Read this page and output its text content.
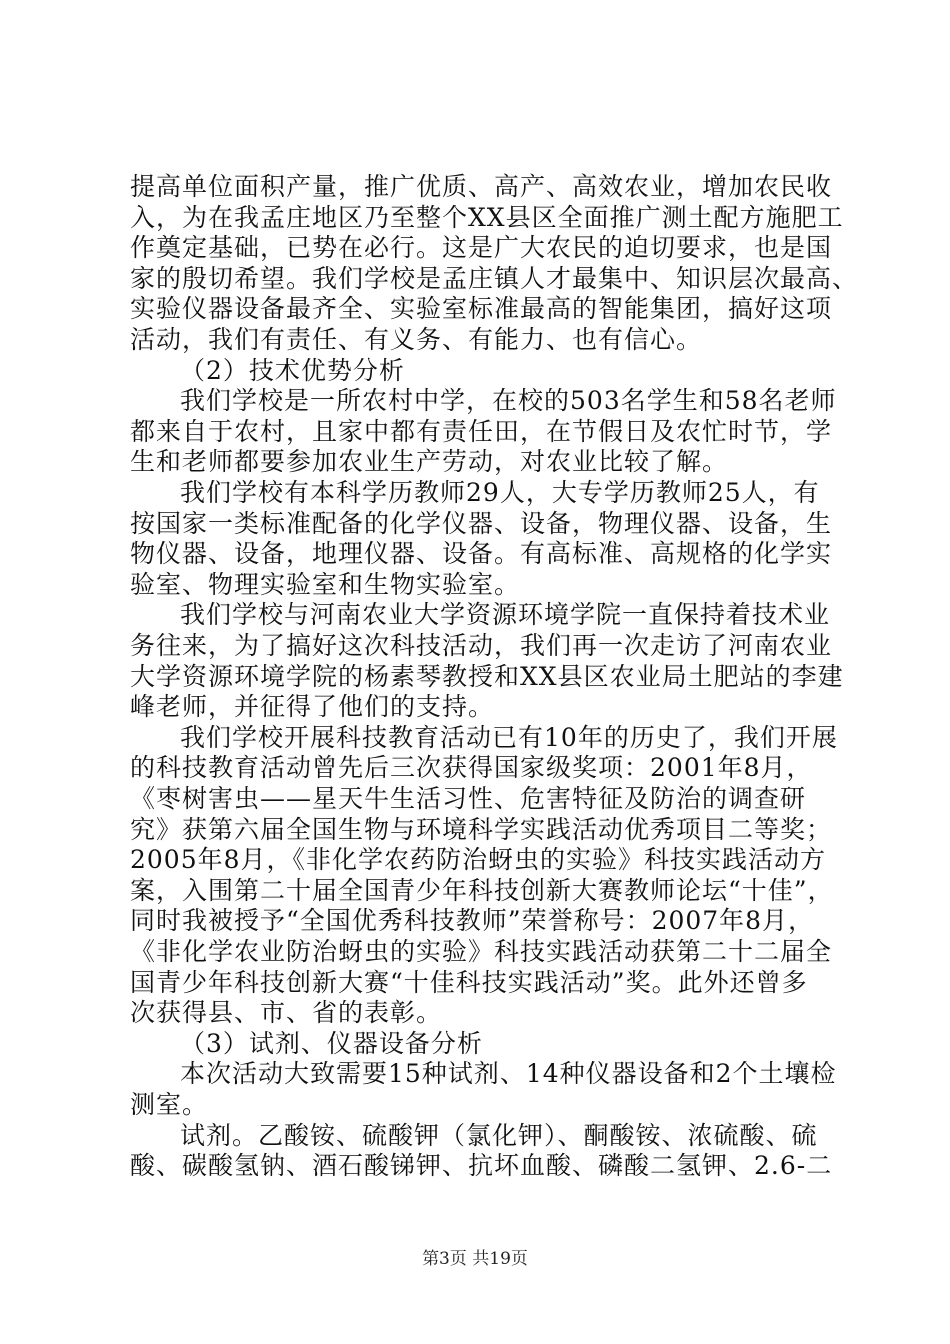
提高单位面积产量，推广优质、高产、高效农业，增加农民收
入，为在我孟庄地区乃至整个XX县区全面推广测土配方施肥工
作奠定基础，已势在必行。这是广大农民的迫切要求，也是国
家的殷切希望。我们学校是孟庄镇人才最集中、知识层次最高、
实验仪器设备最齐全、实验室标准最高的智能集团，搞好这项
活动，我们有责任、有义务、有能力、也有信心。
（2）技术优势分析
我们学校是一所农村中学，在校的503名学生和58名老师
都来自于农村，且家中都有责任田，在节假日及农忙时节，学
生和老师都要参加农业生产劳动，对农业比较了解。
我们学校有本科学历教师29人，大专学历教师25人，有
按国家一类标准配备的化学仪器、设备，物理仪器、设备，生
物仪器、设备，地理仪器、设备。有高标准、高规格的化学实
验室、物理实验室和生物实验室。
我们学校与河南农业大学资源环境学院一直保持着技术业
务往来，为了搞好这次科技活动，我们再一次走访了河南农业
大学资源环境学院的杨素琴教授和XX县区农业局土肥站的李建
峰老师，并征得了他们的支持。
我们学校开展科技教育活动已有10年的历史了，我们开展
的科技教育活动曾先后三次获得国家级奖项：2001年8月，
《枣树害虫——星天牛生活习性、危害特征及防治的调查研
究》获第六届全国生物与环境科学实践活动优秀项目二等奖；
2005年8月，《非化学农药防治蚜虫的实验》科技实践活动方
案，入围第二十届全国青少年科技创新大赛教师论坛“十佳”，
同时我被授予“全国优秀科技教师”荣誉称号：2007年8月，
《非化学农业防治蚜虫的实验》科技实践活动获第二十二届全
国青少年科技创新大赛“十佳科技实践活动”奖。此外还曾多
次获得县、市、省的表彰。
（3）试剂、仪器设备分析
本次活动大致需要15种试剂、14种仪器设备和2个土壤检
测室。
试剂。乙酸铵、硫酸钾（氯化钾）、酮酸铵、浓硫酸、硫
酸、碳酸氢钠、酒石酸锑钾、抗坏血酸、磷酸二氢钾、2.6-二
第3页 共19页
